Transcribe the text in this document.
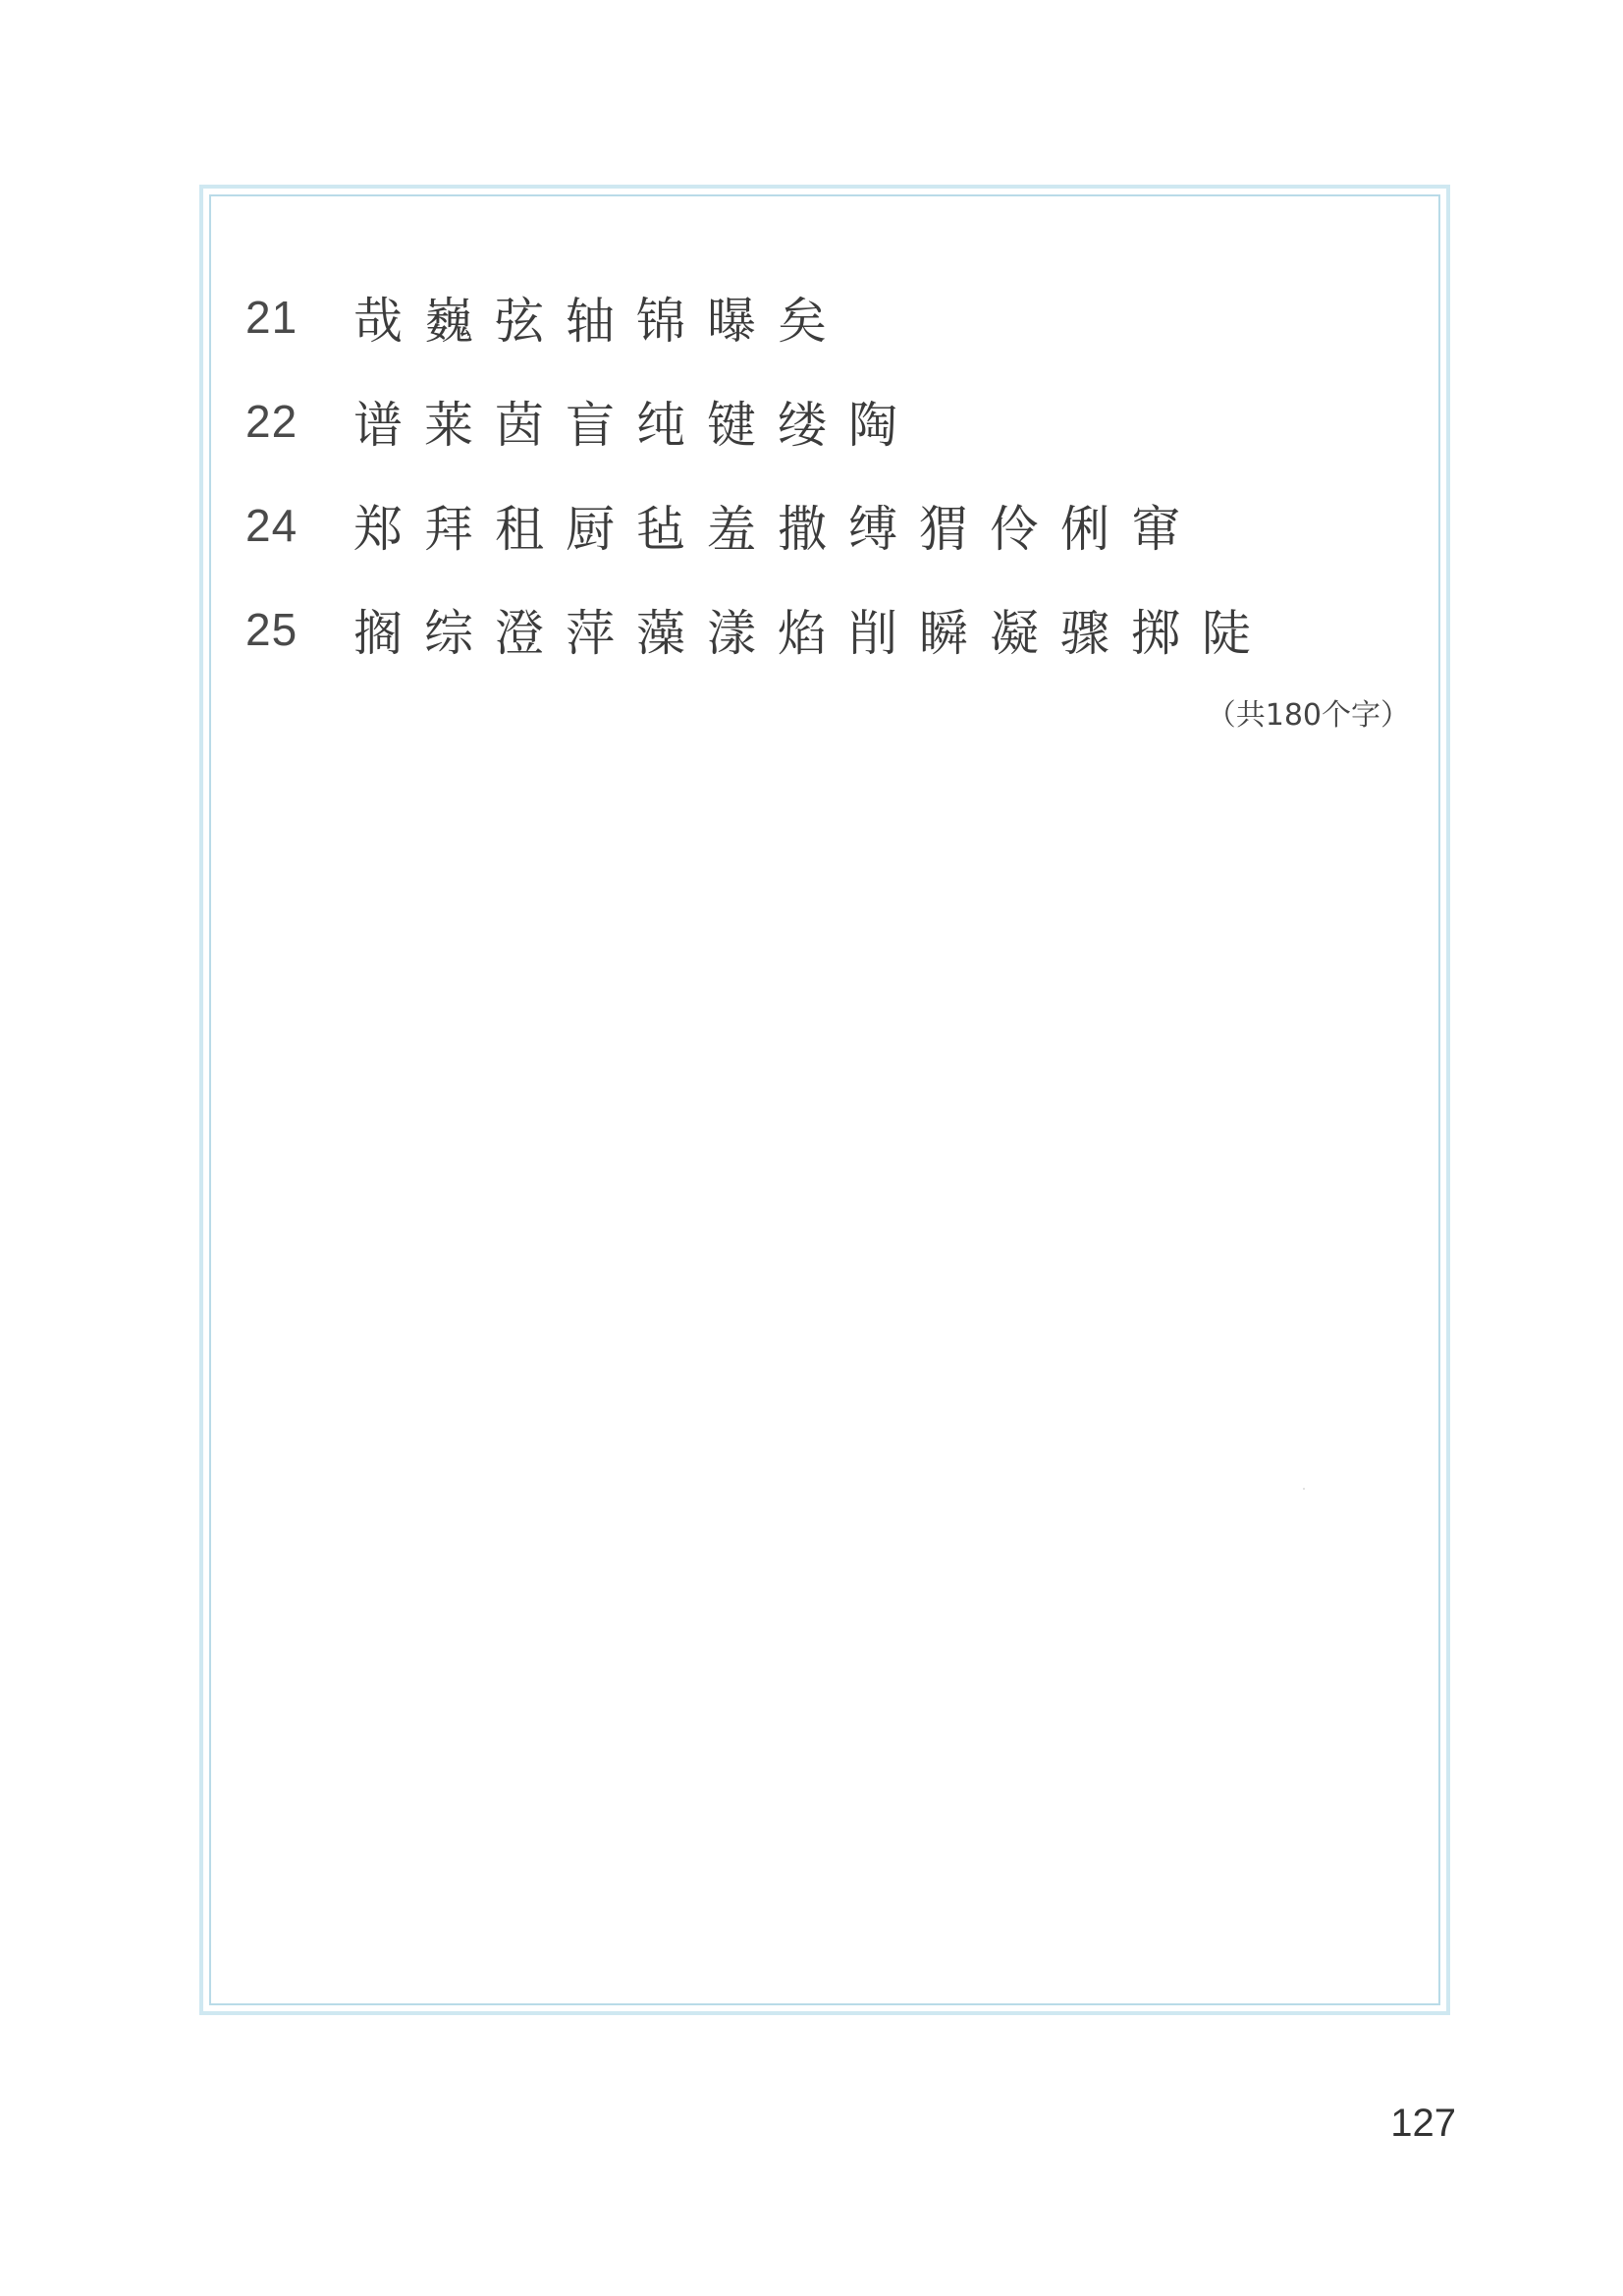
21	哉巍弦轴锦曝矣
22	谱莱茵盲纯键缕陶
24	郑拜租厨毡羞撒缚猬伶俐窜
25	搁综澄萍藻漾焰削瞬凝骤掷陡
（共180个字）
127
